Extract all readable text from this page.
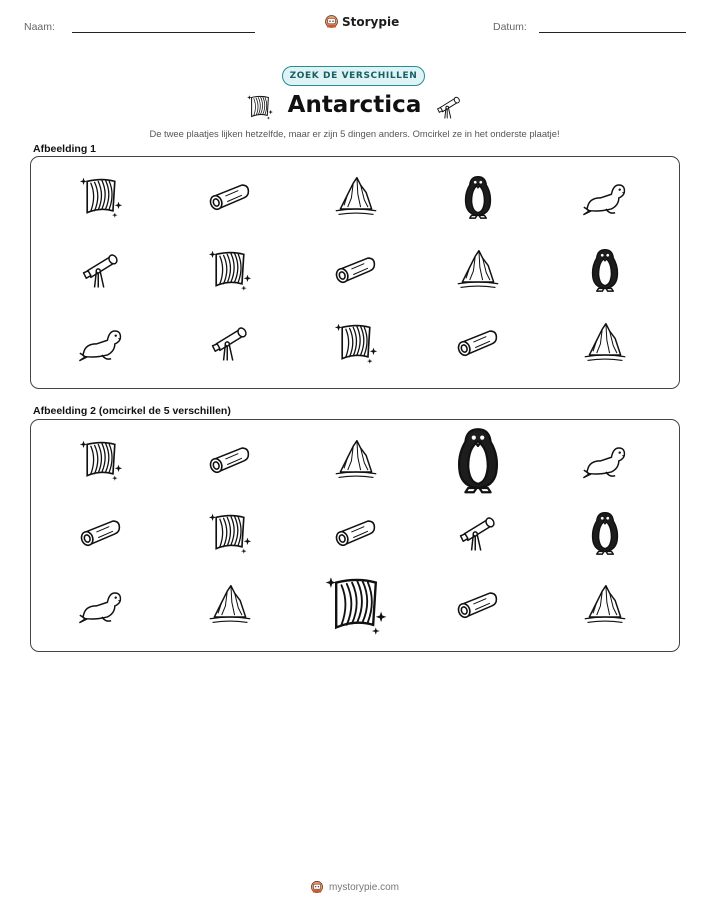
Naam:	Storypie	Datum:
ZOEK DE VERSCHILLEN
Antarctica
De twee plaatjes lijken hetzelfde, maar er zijn 5 dingen anders. Omcirkel ze in het onderste plaatje!
Afbeelding 1
Afbeelding 2 (omcirkel de 5 verschillen)
mystorypie.com
